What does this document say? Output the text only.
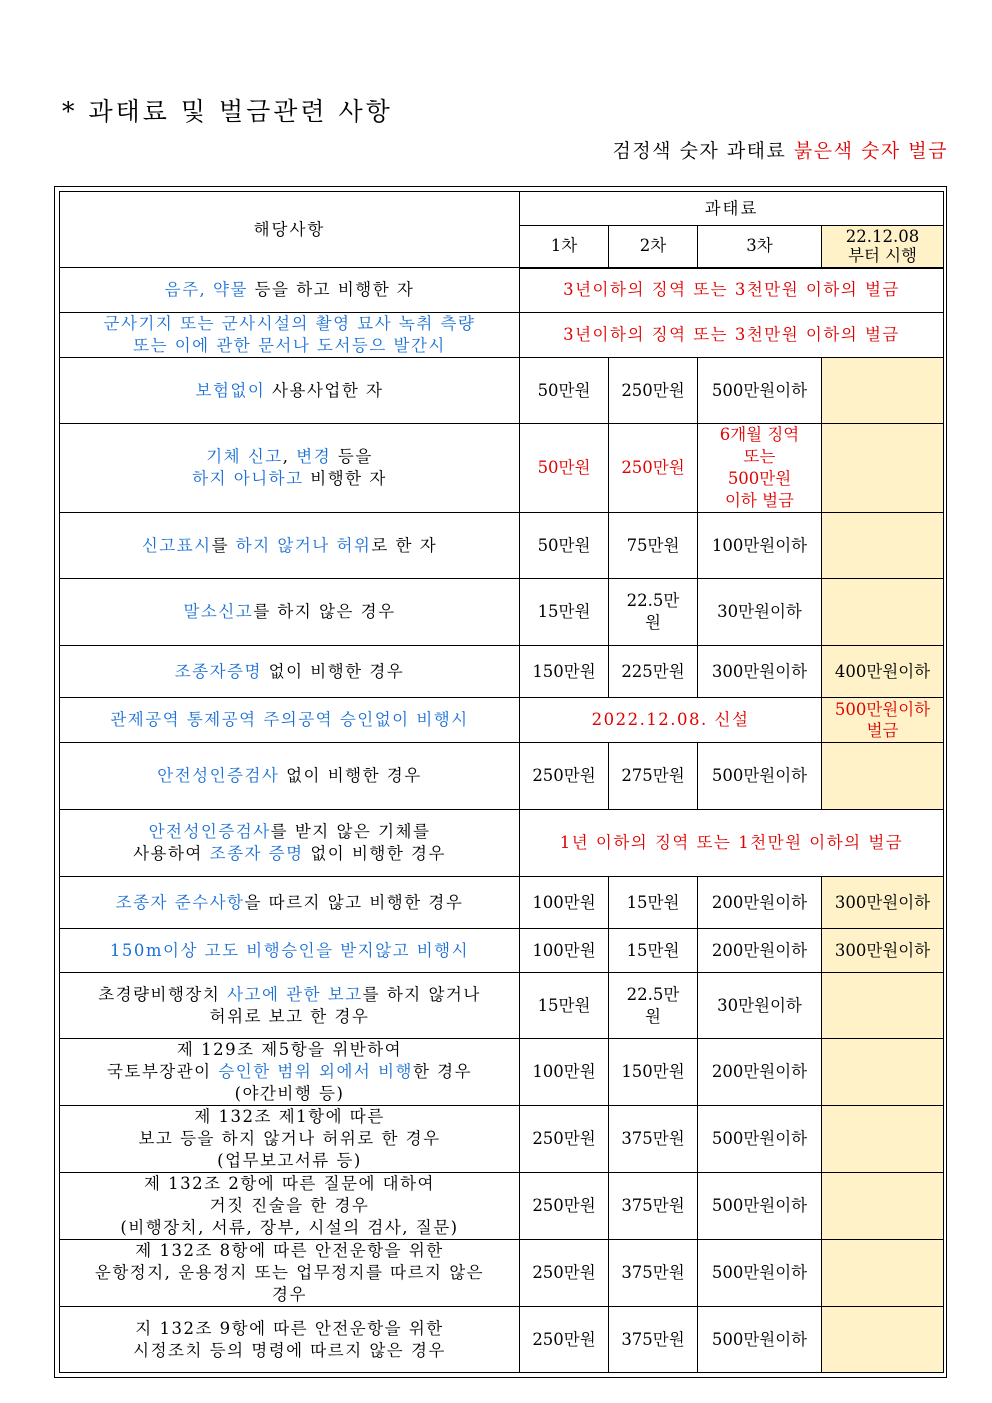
* 과태료 및 벌금관련 사항
검정색 숫자 과태료 붉은색 숫자 벌금
해당사항	과태료			
	1차	2차	3차	22.12.08
부터 시행
음주, 약물 등을 하고 비행한 자	3년이하의 징역 또는 3천만원 이하의 벌금			
군사기지 또는 군사시설의 촬영 묘사 녹취 측량
또는 이에 관한 문서나 도서등으 발간시	3년이하의 징역 또는 3천만원 이하의 벌금			
보험없이 사용사업한 자	50만원	250만원	500만원이하	
기체 신고, 변경 등을
하지 아니하고 비행한 자	50만원	250만원	6개월 징역
또는
500만원
이하 벌금	
신고표시를 하지 않거나 허위로 한 자	50만원	75만원	100만원이하	
말소신고를 하지 않은 경우	15만원	22.5만
원	30만원이하	
조종자증명 없이 비행한 경우	150만원	225만원	300만원이하	400만원이하
관제공역 통제공역 주의공역 승인없이 비행시	2022.12.08. 신설			500만원이하
벌금
안전성인증검사 없이 비행한 경우	250만원	275만원	500만원이하	
안전성인증검사를 받지 않은 기체를
사용하여 조종자 증명 없이 비행한 경우	1년 이하의 징역 또는 1천만원 이하의 벌금			
조종자 준수사항을 따르지 않고 비행한 경우	100만원	15만원	200만원이하	300만원이하
150m이상 고도 비행승인을 받지않고 비행시	100만원	15만원	200만원이하	300만원이하
초경량비행장치 사고에 관한 보고를 하지 않거나
허위로 보고 한 경우	15만원	22.5만
원	30만원이하	
제 129조 제5항을 위반하여
국토부장관이 승인한 범위 외에서 비행한 경우
(야간비행 등)	100만원	150만원	200만원이하	
제 132조 제1항에 따른
보고 등을 하지 않거나 허위로 한 경우
(업무보고서류 등)	250만원	375만원	500만원이하	
제 132조 2항에 따른 질문에 대하여
거짓 진술을 한 경우
(비행장치, 서류, 장부, 시설의 검사, 질문)	250만원	375만원	500만원이하	
제 132조 8항에 따른 안전운항을 위한
운항정지, 운용정지 또는 업무정지를 따르지 않은
경우	250만원	375만원	500만원이하	
지 132조 9항에 따른 안전운항을 위한
시정조치 등의 명령에 따르지 않은 경우	250만원	375만원	500만원이하	
